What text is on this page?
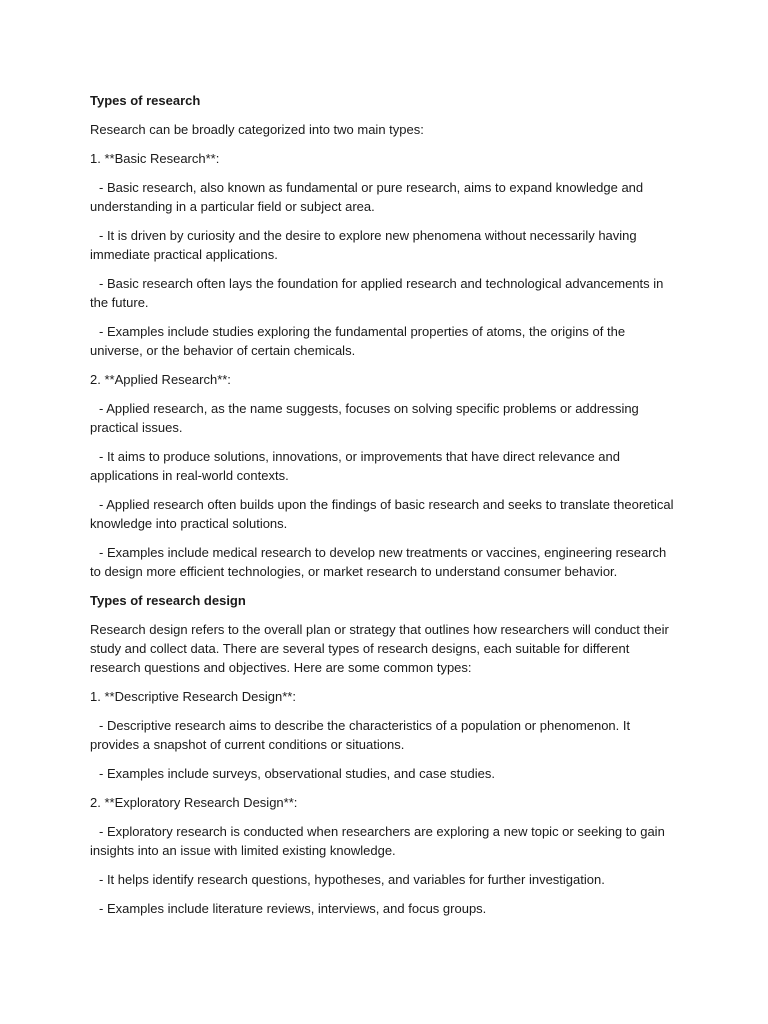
Types of research

Research can be broadly categorized into two main types:

1. **Basic Research**:

- Basic research, also known as fundamental or pure research, aims to expand knowledge and understanding in a particular field or subject area.

- It is driven by curiosity and the desire to explore new phenomena without necessarily having immediate practical applications.

- Basic research often lays the foundation for applied research and technological advancements in the future.

- Examples include studies exploring the fundamental properties of atoms, the origins of the universe, or the behavior of certain chemicals.

2. **Applied Research**:

- Applied research, as the name suggests, focuses on solving specific problems or addressing practical issues.

- It aims to produce solutions, innovations, or improvements that have direct relevance and applications in real-world contexts.

- Applied research often builds upon the findings of basic research and seeks to translate theoretical knowledge into practical solutions.

- Examples include medical research to develop new treatments or vaccines, engineering research to design more efficient technologies, or market research to understand consumer behavior.

Types of research design

Research design refers to the overall plan or strategy that outlines how researchers will conduct their study and collect data. There are several types of research designs, each suitable for different research questions and objectives. Here are some common types:

1. **Descriptive Research Design**:

- Descriptive research aims to describe the characteristics of a population or phenomenon. It provides a snapshot of current conditions or situations.

- Examples include surveys, observational studies, and case studies.

2. **Exploratory Research Design**:

- Exploratory research is conducted when researchers are exploring a new topic or seeking to gain insights into an issue with limited existing knowledge.

- It helps identify research questions, hypotheses, and variables for further investigation.

- Examples include literature reviews, interviews, and focus groups.
